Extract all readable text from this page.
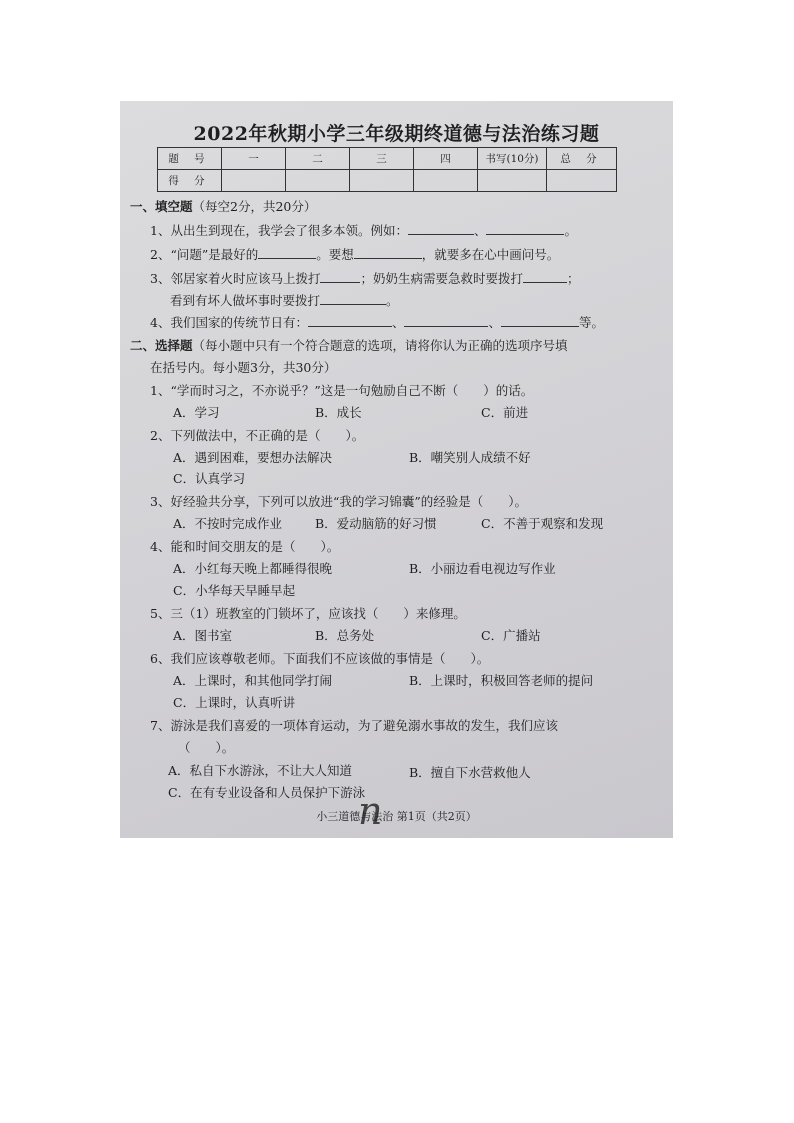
2022年秋期小学三年级期终道德与法治练习题
题 号	一	二	三	四	书写(10分)	总 分
得 分						
一、填空题（每空2分，共20分）
1、从出生到现在，我学会了很多本领。例如：	、	。
2、“问题”是最好的	。要想	，就要多在心中画问号。
3、邻居家着火时应该马上拨打	；奶奶生病需要急救时要拨打	；
看到有坏人做坏事时要拨打	。
4、我们国家的传统节日有：	、	、	等。
二、选择题（每小题中只有一个符合题意的选项，请将你认为正确的选项序号填
在括号内。每小题3分，共30分）
1、“学而时习之，不亦说乎？”这是一句勉励自己不断（　　）的话。
A．学习	B．成长	C．前进
2、下列做法中，不正确的是（　　）。
A．遇到困难，要想办法解决	B．嘲笑别人成绩不好
C．认真学习
3、好经验共分享，下列可以放进“我的学习锦囊”的经验是（　　）。
A．不按时完成作业	B．爱动脑筋的好习惯	C．不善于观察和发现
4、能和时间交朋友的是（　　）。
A．小红每天晚上都睡得很晚	B．小丽边看电视边写作业
C．小华每天早睡早起
5、三（1）班教室的门锁坏了，应该找（　　）来修理。
A．图书室	B．总务处	C．广播站
6、我们应该尊敬老师。下面我们不应该做的事情是（　　）。
A．上课时，和其他同学打闹	B．上课时，积极回答老师的提问
C．上课时，认真听讲
7、游泳是我们喜爱的一项体育运动，为了避免溺水事故的发生，我们应该
（　　）。
A．私自下水游泳，不让大人知道	B．擅自下水营救他人
C．在有专业设备和人员保护下游泳
n
小三道德与法治 第1页（共2页）
